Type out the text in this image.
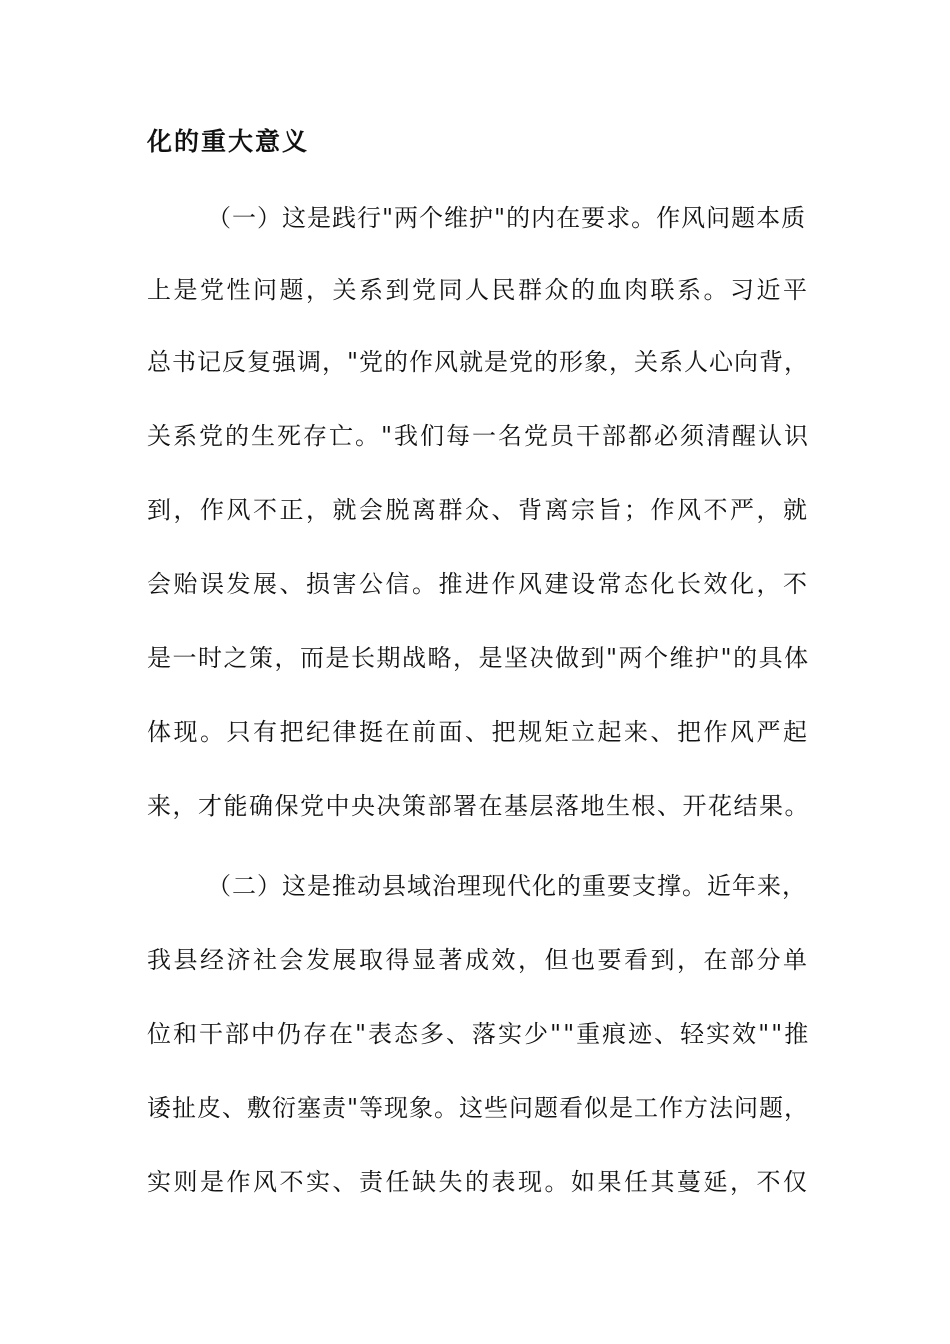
化的重大意义
（一）这是践行"两个维护"的内在要求。作风问题本质
上是党性问题，关系到党同人民群众的血肉联系。习近平
总书记反复强调，"党的作风就是党的形象，关系人心向背，
关系党的生死存亡。"我们每一名党员干部都必须清醒认识
到，作风不正，就会脱离群众、背离宗旨；作风不严，就
会贻误发展、损害公信。推进作风建设常态化长效化，不
是一时之策，而是长期战略，是坚决做到"两个维护"的具体
体现。只有把纪律挺在前面、把规矩立起来、把作风严起
来，才能确保党中央决策部署在基层落地生根、开花结果。
（二）这是推动县域治理现代化的重要支撑。近年来，
我县经济社会发展取得显著成效，但也要看到，在部分单
位和干部中仍存在"表态多、落实少""重痕迹、轻实效""推
诿扯皮、敷衍塞责"等现象。这些问题看似是工作方法问题，
实则是作风不实、责任缺失的表现。如果任其蔓延，不仅
